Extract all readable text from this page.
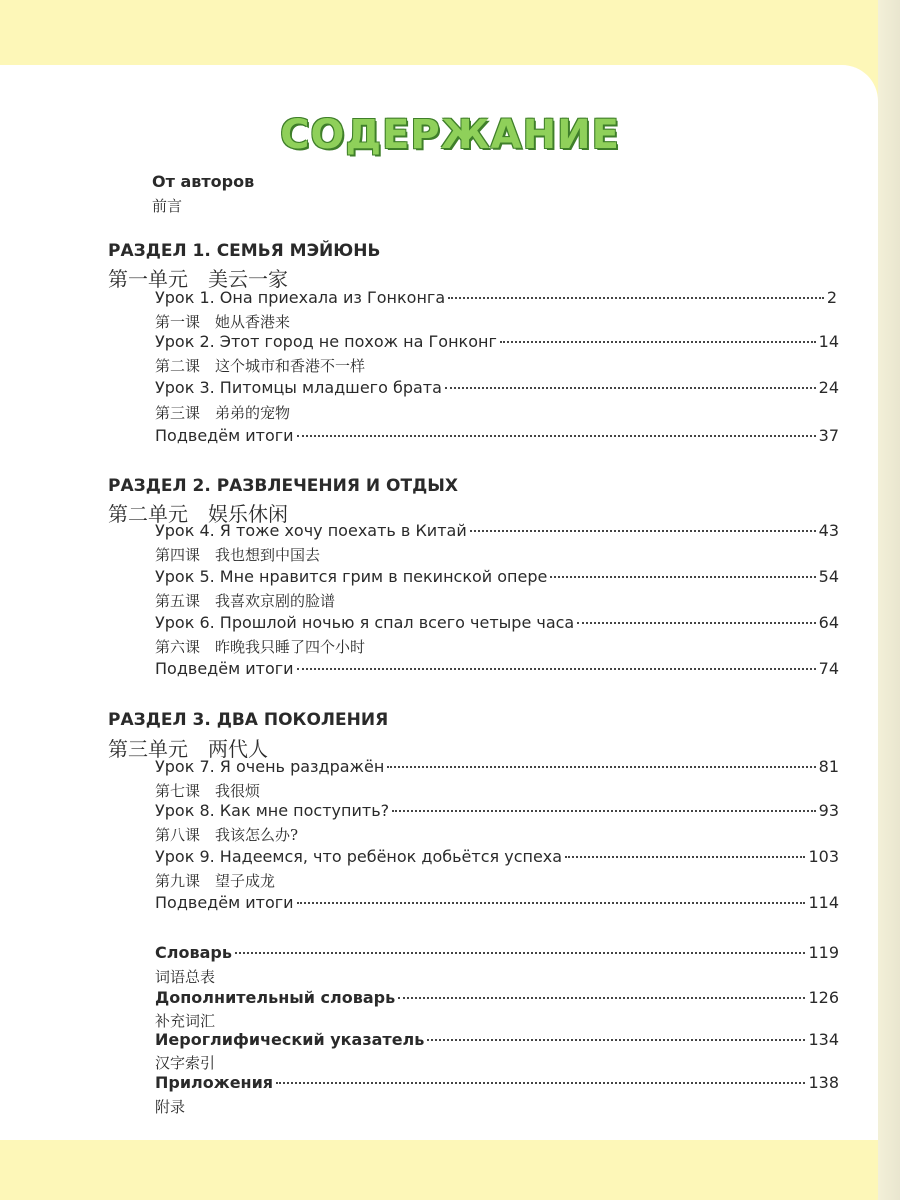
СОДЕРЖАНИЕ
От авторов
前言
РАЗДЕЛ 1. СЕМЬЯ МЭЙЮНЬ
第一单元　美云一家
Урок 1. Она приехала из Гонконга	2
第一课　她从香港来
Урок 2. Этот город не похож на Гонконг	14
第二课　这个城市和香港不一样
Урок 3. Питомцы младшего брата	24
第三课　弟弟的宠物
Подведём итоги	37
РАЗДЕЛ 2. РАЗВЛЕЧЕНИЯ И ОТДЫХ
第二单元　娱乐休闲
Урок 4. Я тоже хочу поехать в Китай	43
第四课　我也想到中国去
Урок 5. Мне нравится грим в пекинской опере	54
第五课　我喜欢京剧的脸谱
Урок 6. Прошлой ночью я спал всего четыре часа	64
第六课　昨晚我只睡了四个小时
Подведём итоги	74
РАЗДЕЛ 3. ДВА ПОКОЛЕНИЯ
第三单元　两代人
Урок 7. Я очень раздражён	81
第七课　我很烦
Урок 8. Как мне поступить?	93
第八课　我该怎么办?
Урок 9. Надеемся, что ребёнок добьётся успеха	103
第九课　望子成龙
Подведём итоги	114
Словарь	119
词语总表
Дополнительный словарь	126
补充词汇
Иероглифический указатель	134
汉字索引
Приложения	138
附录
